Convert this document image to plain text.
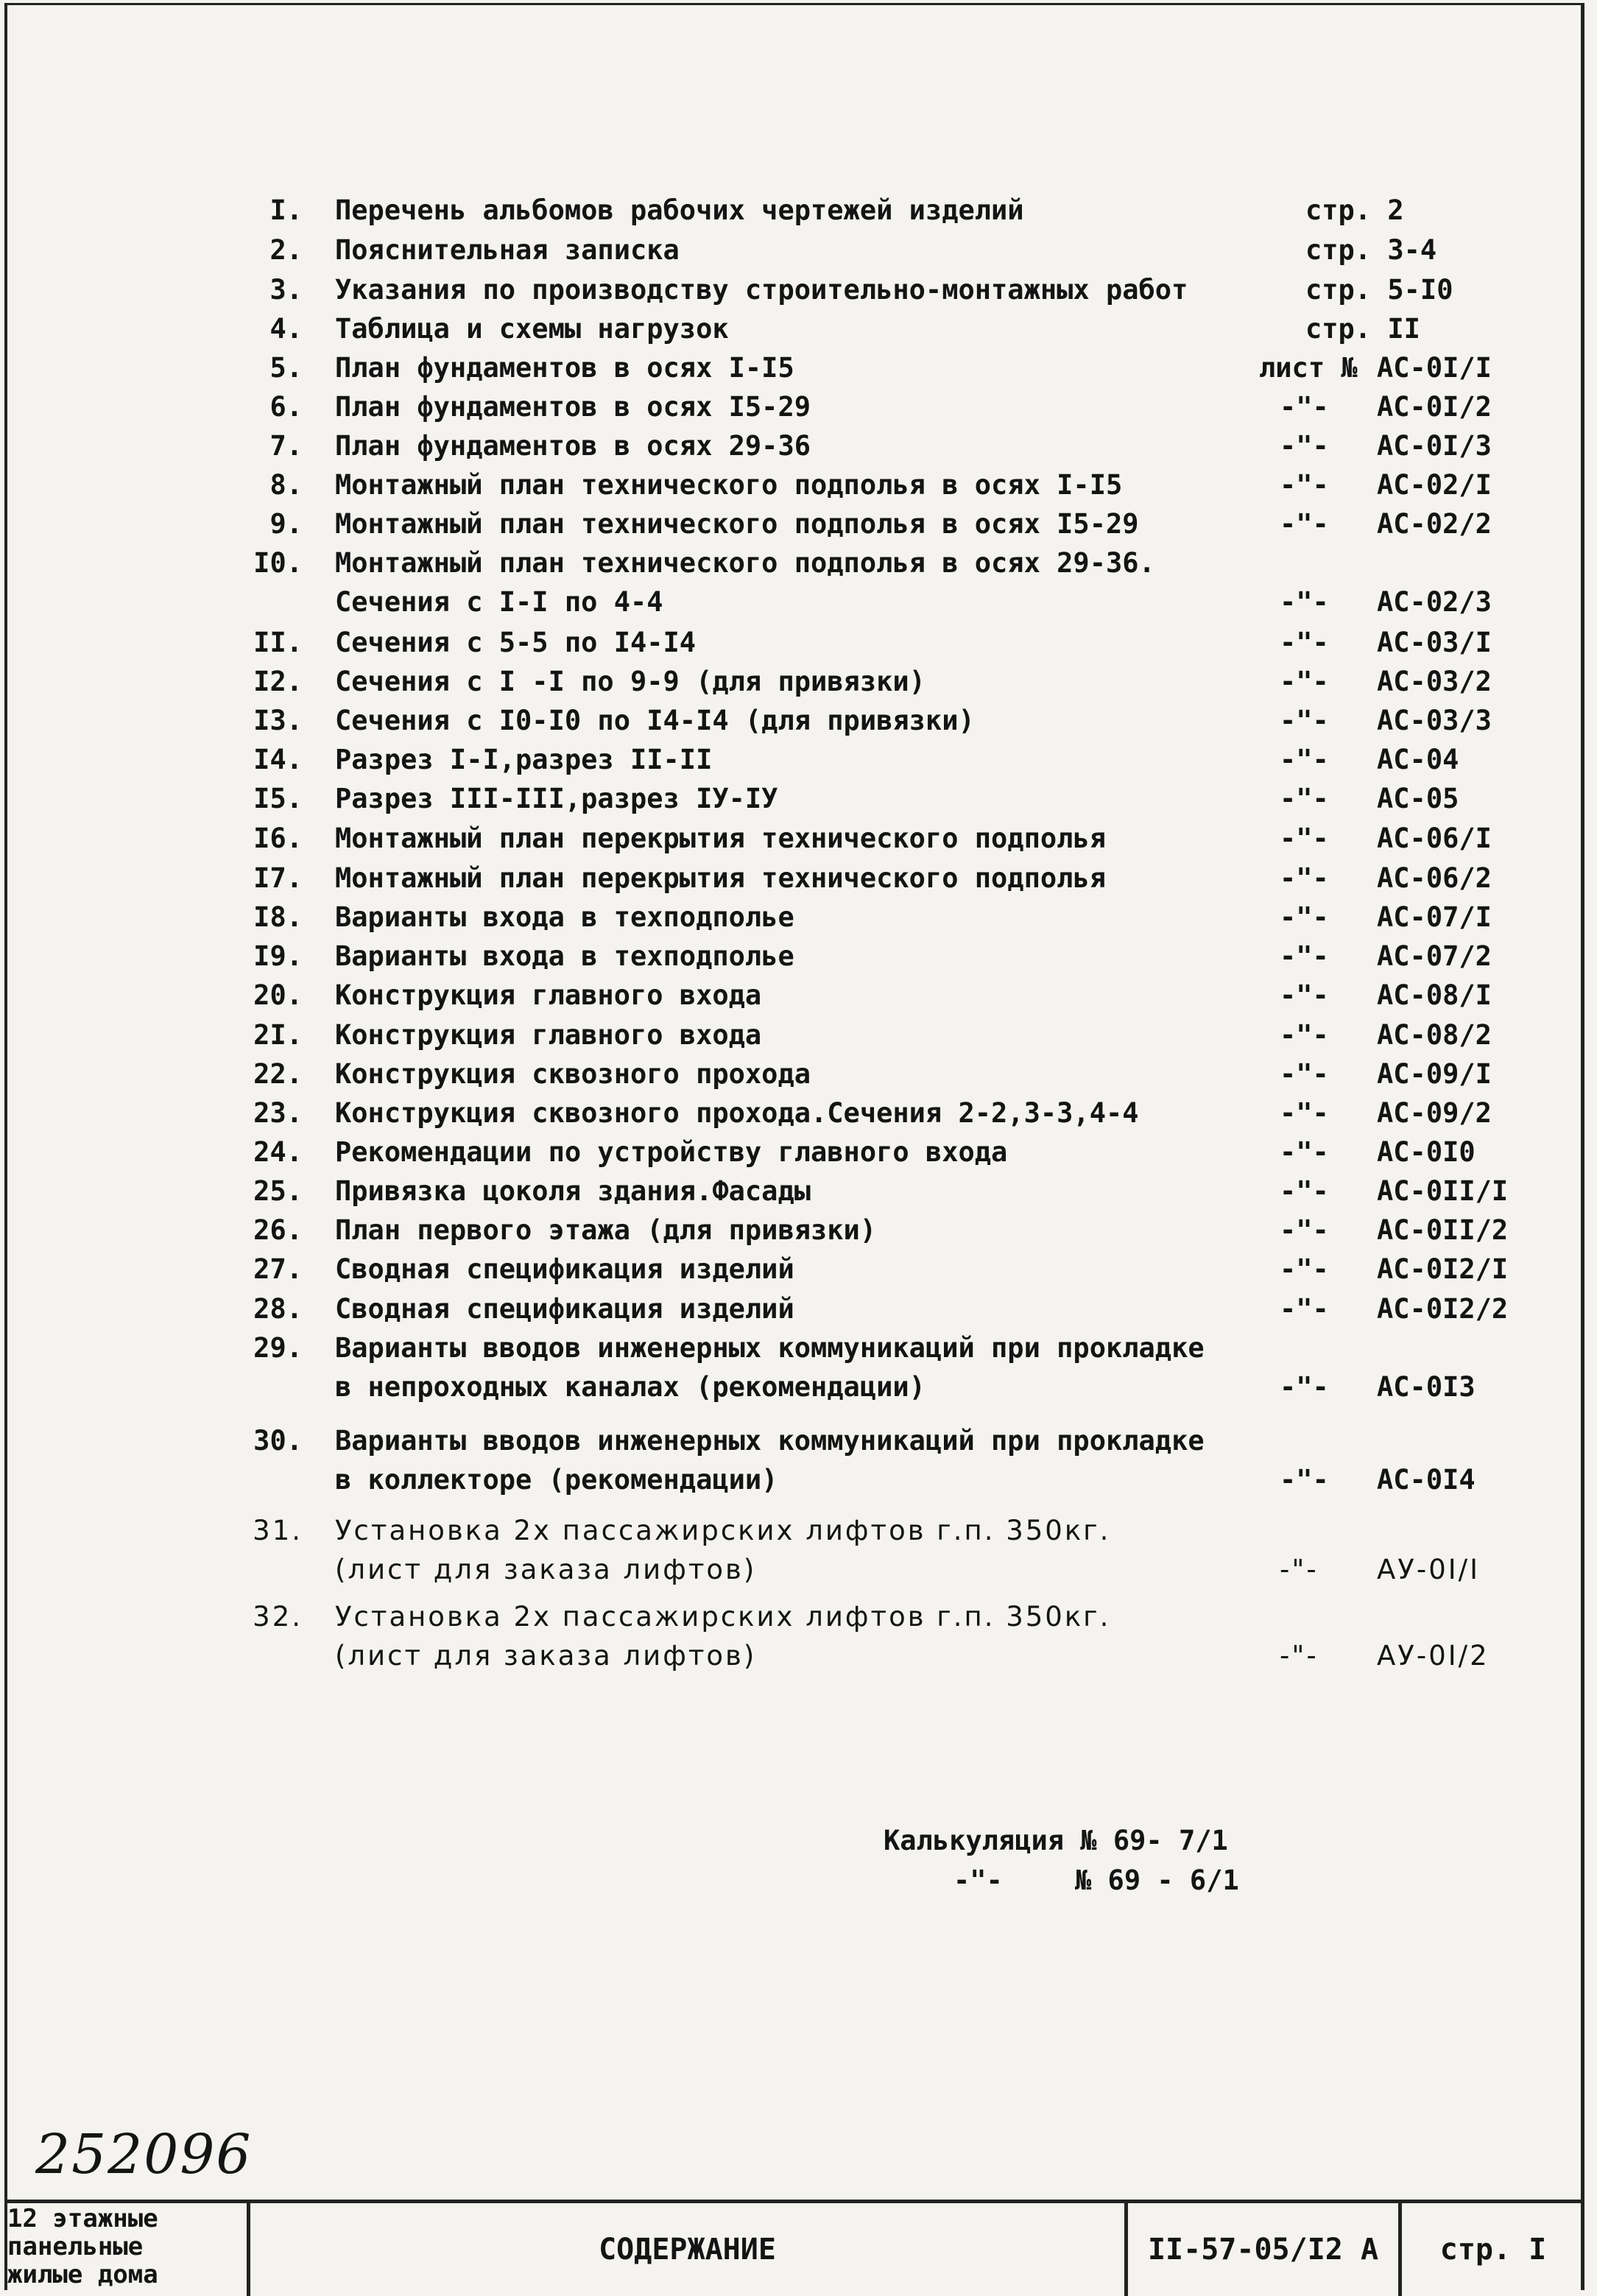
I. Перечень альбомов рабочих чертежей изделий	стр. 2
2. Пояснительная записка	стр. 3-4
3. Указания по производству строительно-монтажных работ	стр. 5-I0
4. Таблица и схемы нагрузок	стр. II
5. План фундаментов в осях I-I5	лист № АС-0I/I
6. План фундаментов в осях I5-29	-"- АС-0I/2
7. План фундаментов в осях 29-36	-"- АС-0I/3
8. Монтажный план технического подполья в осях I-I5	-"- АС-02/I
9. Монтажный план технического подполья в осях I5-29	-"- АС-02/2
I0. Монтажный план технического подполья в осях 29-36.
Сечения с I-I по 4-4	-"- АС-02/3
II. Сечения с 5-5 по I4-I4	-"- АС-03/I
I2. Сечения с I -I по 9-9 (для привязки)	-"- АС-03/2
I3. Сечения с I0-I0 по I4-I4 (для привязки)	-"- АС-03/3
I4. Разрез I-I,разрез II-II	-"- АС-04
I5. Разрез III-III,разрез IУ-IУ	-"- АС-05
I6. Монтажный план перекрытия технического подполья	-"- АС-06/I
I7. Монтажный план перекрытия технического подполья	-"- АС-06/2
I8. Варианты входа в техподполье	-"- АС-07/I
I9. Варианты входа в техподполье	-"- АС-07/2
20. Конструкция главного входа	-"- АС-08/I
2I. Конструкция главного входа	-"- АС-08/2
22. Конструкция сквозного прохода	-"- АС-09/I
23. Конструкция сквозного прохода.Сечения 2-2,3-3,4-4	-"- АС-09/2
24. Рекомендации по устройству главного входа	-"- АС-0I0
25. Привязка цоколя здания.Фасады	-"- АС-0II/I
26. План первого этажа (для привязки)	-"- АС-0II/2
27. Сводная спецификация изделий	-"- АС-0I2/I
28. Сводная спецификация изделий	-"- АС-0I2/2
29. Варианты вводов инженерных коммуникаций при прокладке
в непроходных каналах (рекомендации)	-"- АС-0I3
30. Варианты вводов инженерных коммуникаций при прокладке
в коллекторе (рекомендации)	-"- АС-0I4
31. Установка 2х пассажирских лифтов г.п. 350кг.
(лист для заказа лифтов)	-"- АУ-0I/I
32. Установка 2х пассажирских лифтов г.п. 350кг.
(лист для заказа лифтов)	-"- АУ-0I/2
Калькуляция № 69- 7/1
-"-	№ 69 - 6/1
252096
12 этажные
панельные
жилые дома
СОДЕРЖАНИЕ	II-57-05/I2 А	стр. I
